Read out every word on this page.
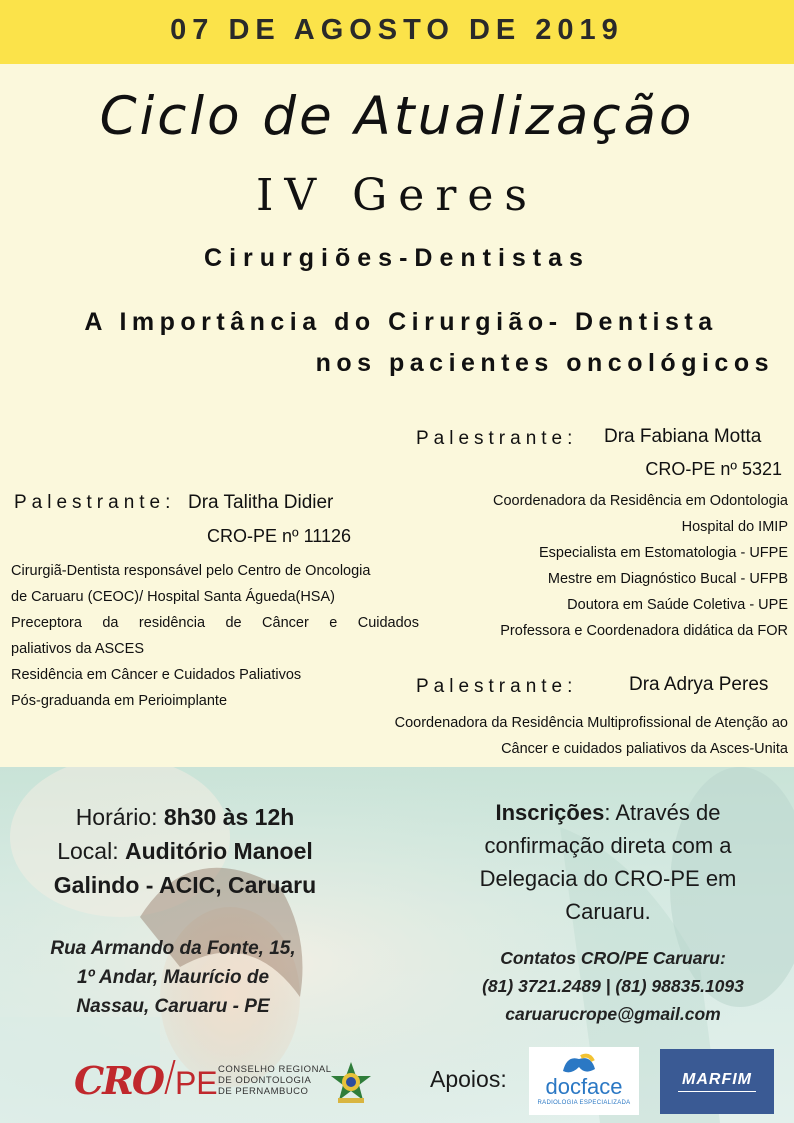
07 DE AGOSTO DE 2019
Ciclo de Atualização
IV Geres
Cirurgiões-Dentistas
A Importância do Cirurgião- Dentista
nos pacientes oncológicos
Palestrante: Dra Fabiana Motta
CRO-PE nº 5321
Coordenadora da Residência em Odontologia
Hospital do IMIP
Especialista em Estomatologia - UFPE
Mestre em Diagnóstico Bucal - UFPB
Doutora em Saúde Coletiva - UPE
Professora e Coordenadora didática da FOR
Palestrante: Dra Talitha Didier
CRO-PE nº 11126
Cirurgiã-Dentista responsável pelo Centro de Oncologia
de Caruaru (CEOC)/ Hospital Santa Águeda(HSA)
Preceptora da residência de Câncer e Cuidados
paliativos da ASCES
Residência em Câncer e Cuidados Paliativos
Pós-graduanda em Perioimplante
Palestrante:	Dra Adrya Peres
Coordenadora da Residência Multiprofissional de Atenção ao
Câncer e cuidados paliativos da Asces-Unita
Horário: 8h30 às 12h
Local: Auditório Manoel
Galindo - ACIC, Caruaru
Rua Armando da Fonte, 15,
1º Andar, Maurício de
Nassau, Caruaru - PE
Inscrições: Através de
confirmação direta com a
Delegacia do CRO-PE em
Caruaru.
Contatos CRO/PE Caruaru:
(81) 3721.2489 | (81) 98835.1093
caruarucrope@gmail.com
CRO PE CONSELHO REGIONAL
DE ODONTOLOGIA
DE PERNAMBUCO	Apoios:	docface
RADIOLOGIA ESPECIALIZADA
MARFIM
